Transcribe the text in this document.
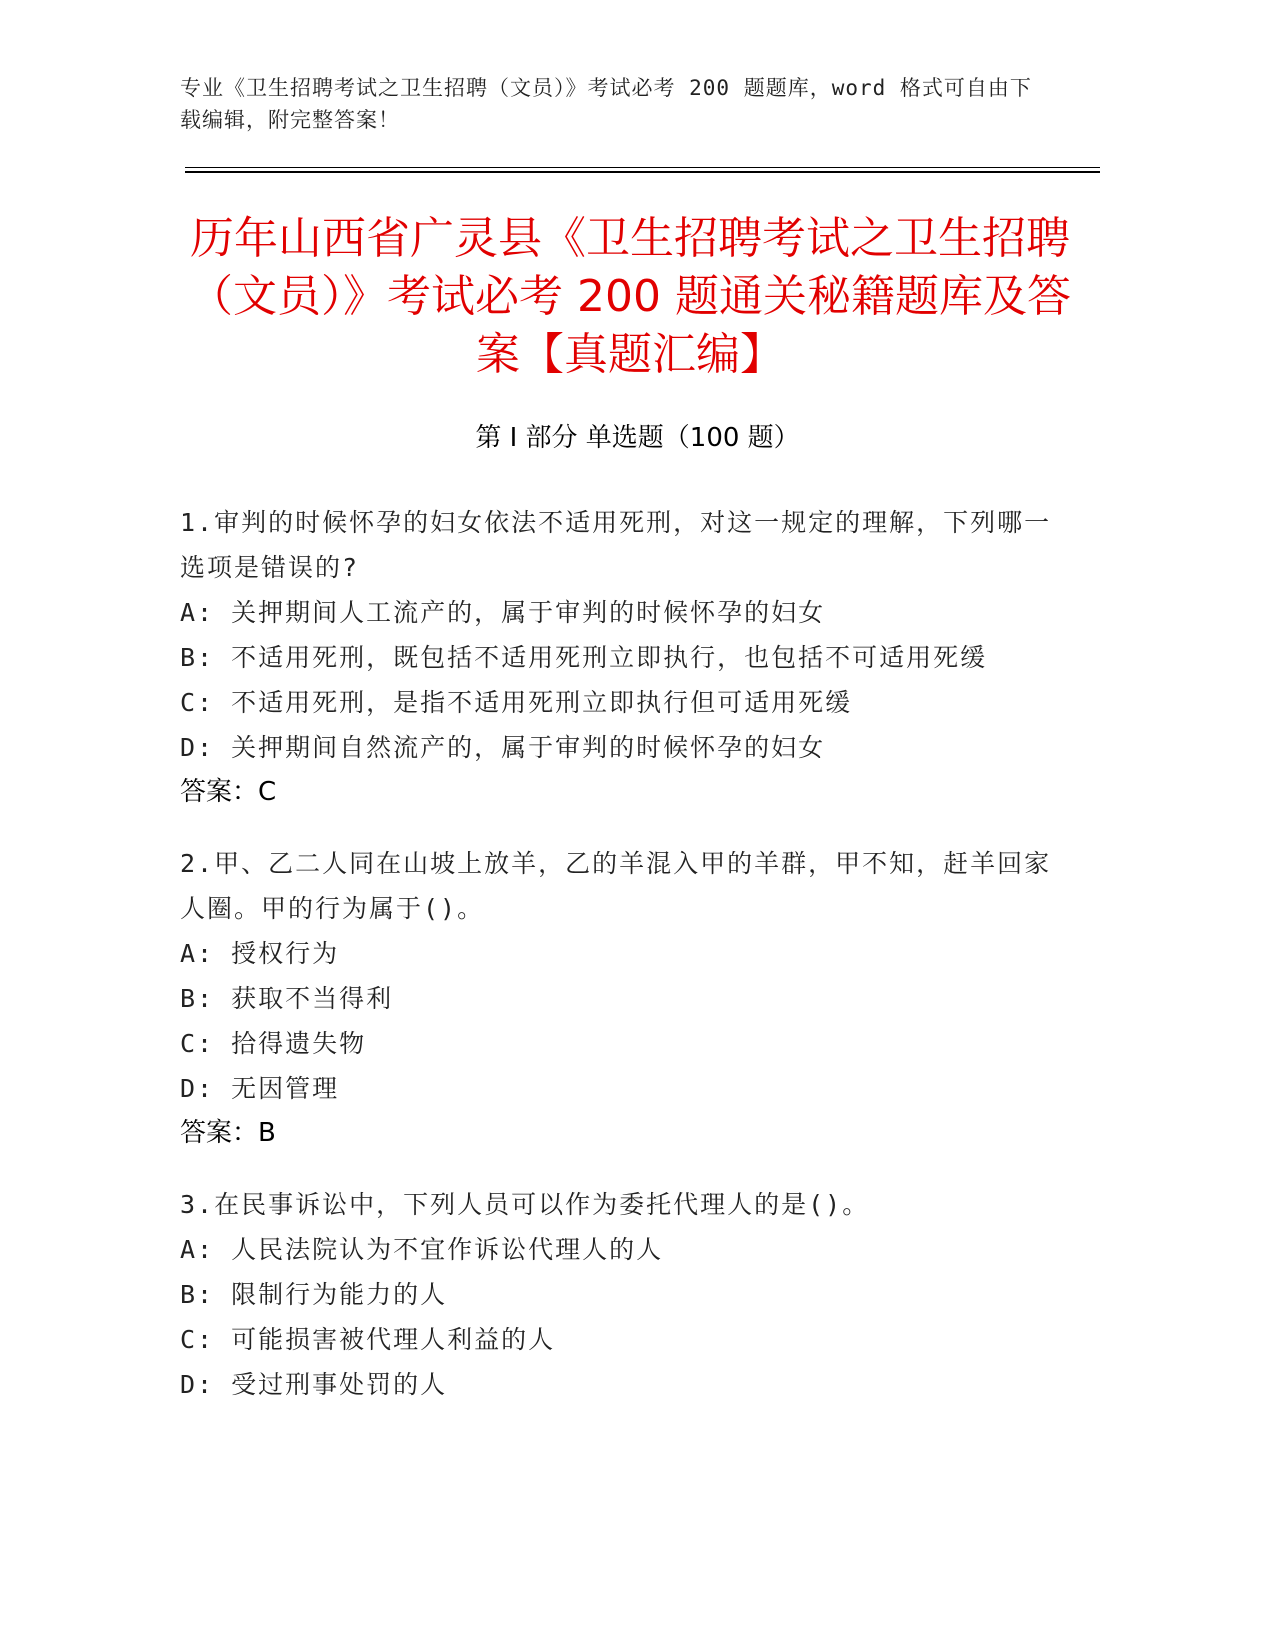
专业《卫生招聘考试之卫生招聘（文员）》考试必考 200 题题库，word 格式可自由下载编辑，附完整答案！
历年山西省广灵县《卫生招聘考试之卫生招聘（文员）》考试必考 200 题通关秘籍题库及答案【真题汇编】
第 I 部分 单选题（100 题）
1.审判的时候怀孕的妇女依法不适用死刑，对这一规定的理解，下列哪一选项是错误的?
A: 关押期间人工流产的，属于审判的时候怀孕的妇女
B: 不适用死刑，既包括不适用死刑立即执行，也包括不可适用死缓
C: 不适用死刑，是指不适用死刑立即执行但可适用死缓
D: 关押期间自然流产的，属于审判的时候怀孕的妇女
答案：C
2.甲、乙二人同在山坡上放羊，乙的羊混入甲的羊群，甲不知，赶羊回家人圈。甲的行为属于()。
A: 授权行为
B: 获取不当得利
C: 拾得遗失物
D: 无因管理
答案：B
3.在民事诉讼中，下列人员可以作为委托代理人的是()。
A: 人民法院认为不宜作诉讼代理人的人
B: 限制行为能力的人
C: 可能损害被代理人利益的人
D: 受过刑事处罚的人
